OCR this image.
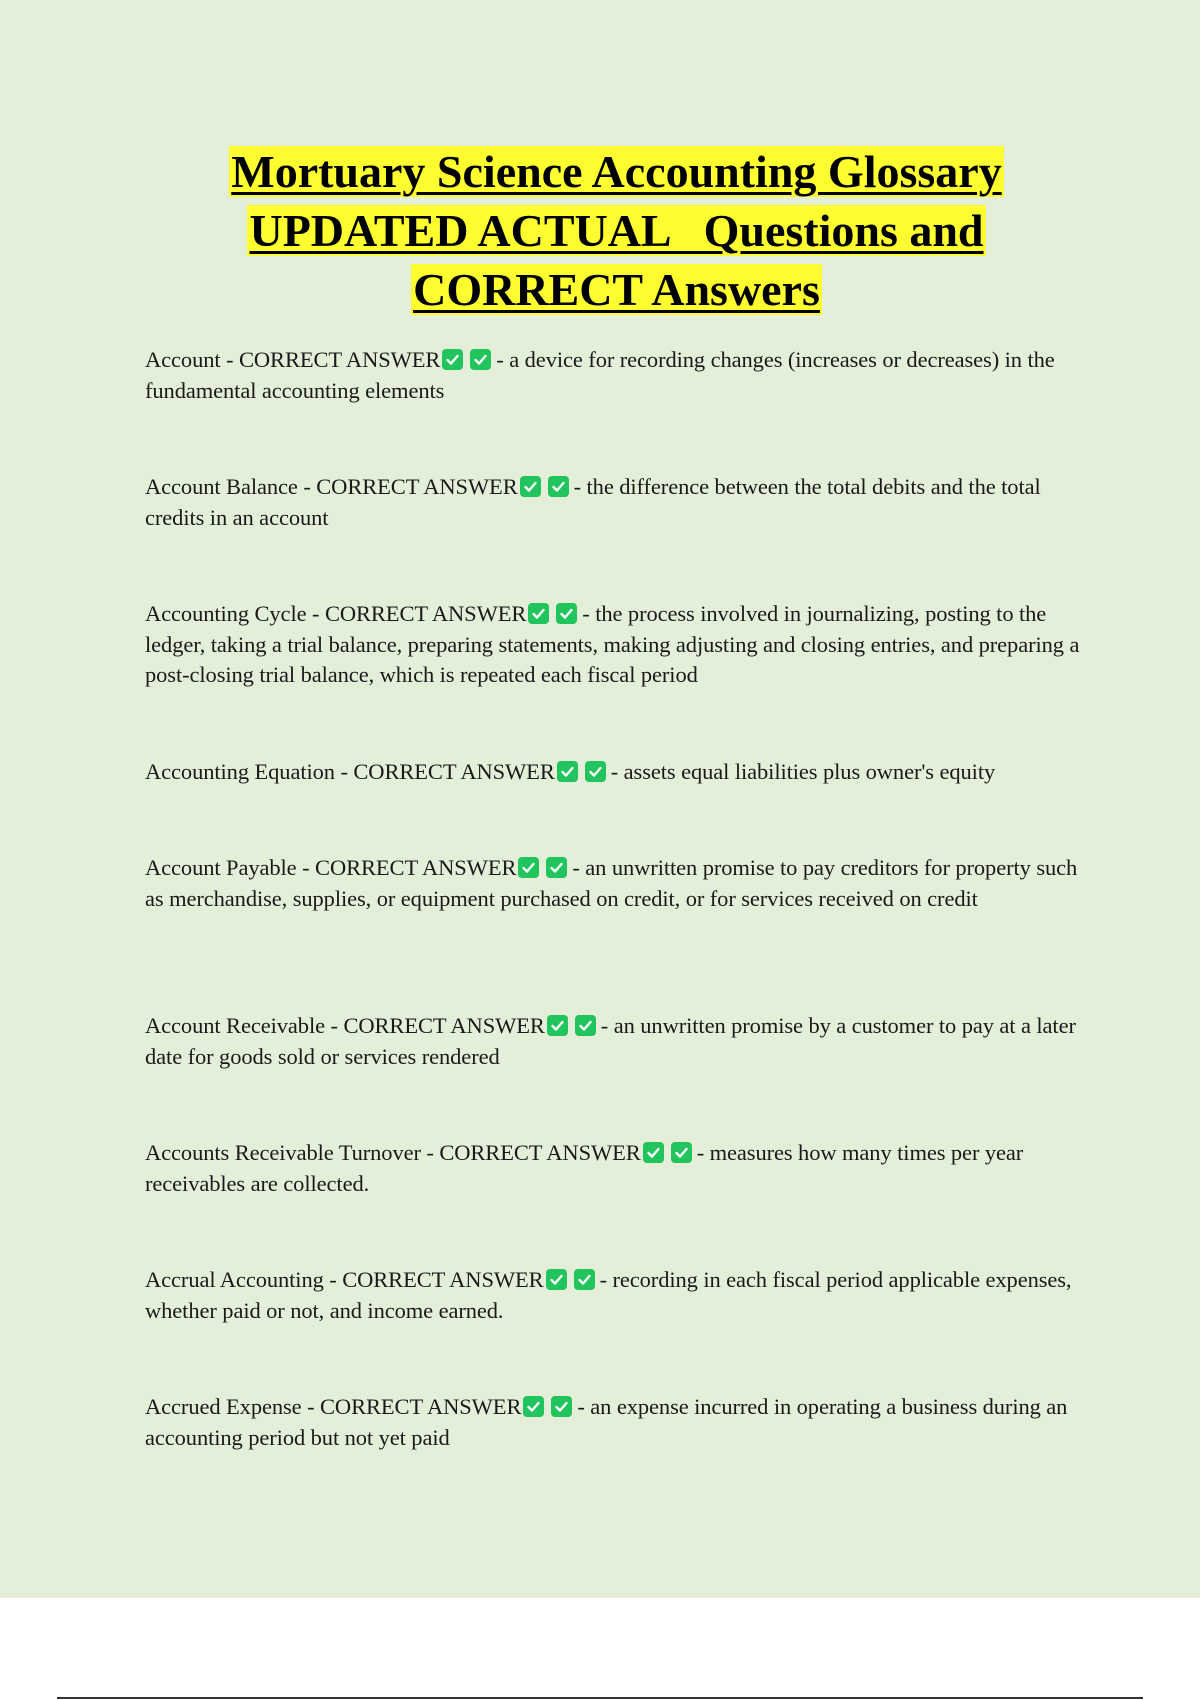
Mortuary Science Accounting Glossary
UPDATED ACTUAL   Questions and
CORRECT Answers
Account - CORRECT ANSWER - a device for recording changes (increases or decreases) in the fundamental accounting elements
Account Balance - CORRECT ANSWER - the difference between the total debits and the total credits in an account
Accounting Cycle - CORRECT ANSWER - the process involved in journalizing, posting to the ledger, taking a trial balance, preparing statements, making adjusting and closing entries, and preparing a post-closing trial balance, which is repeated each fiscal period
Accounting Equation - CORRECT ANSWER - assets equal liabilities plus owner's equity
Account Payable - CORRECT ANSWER - an unwritten promise to pay creditors for property such as merchandise, supplies, or equipment purchased on credit, or for services received on credit
Account Receivable - CORRECT ANSWER - an unwritten promise by a customer to pay at a later date for goods sold or services rendered
Accounts Receivable Turnover - CORRECT ANSWER - measures how many times per year receivables are collected.
Accrual Accounting - CORRECT ANSWER - recording in each fiscal period applicable expenses, whether paid or not, and income earned.
Accrued Expense - CORRECT ANSWER - an expense incurred in operating a business during an accounting period but not yet paid
